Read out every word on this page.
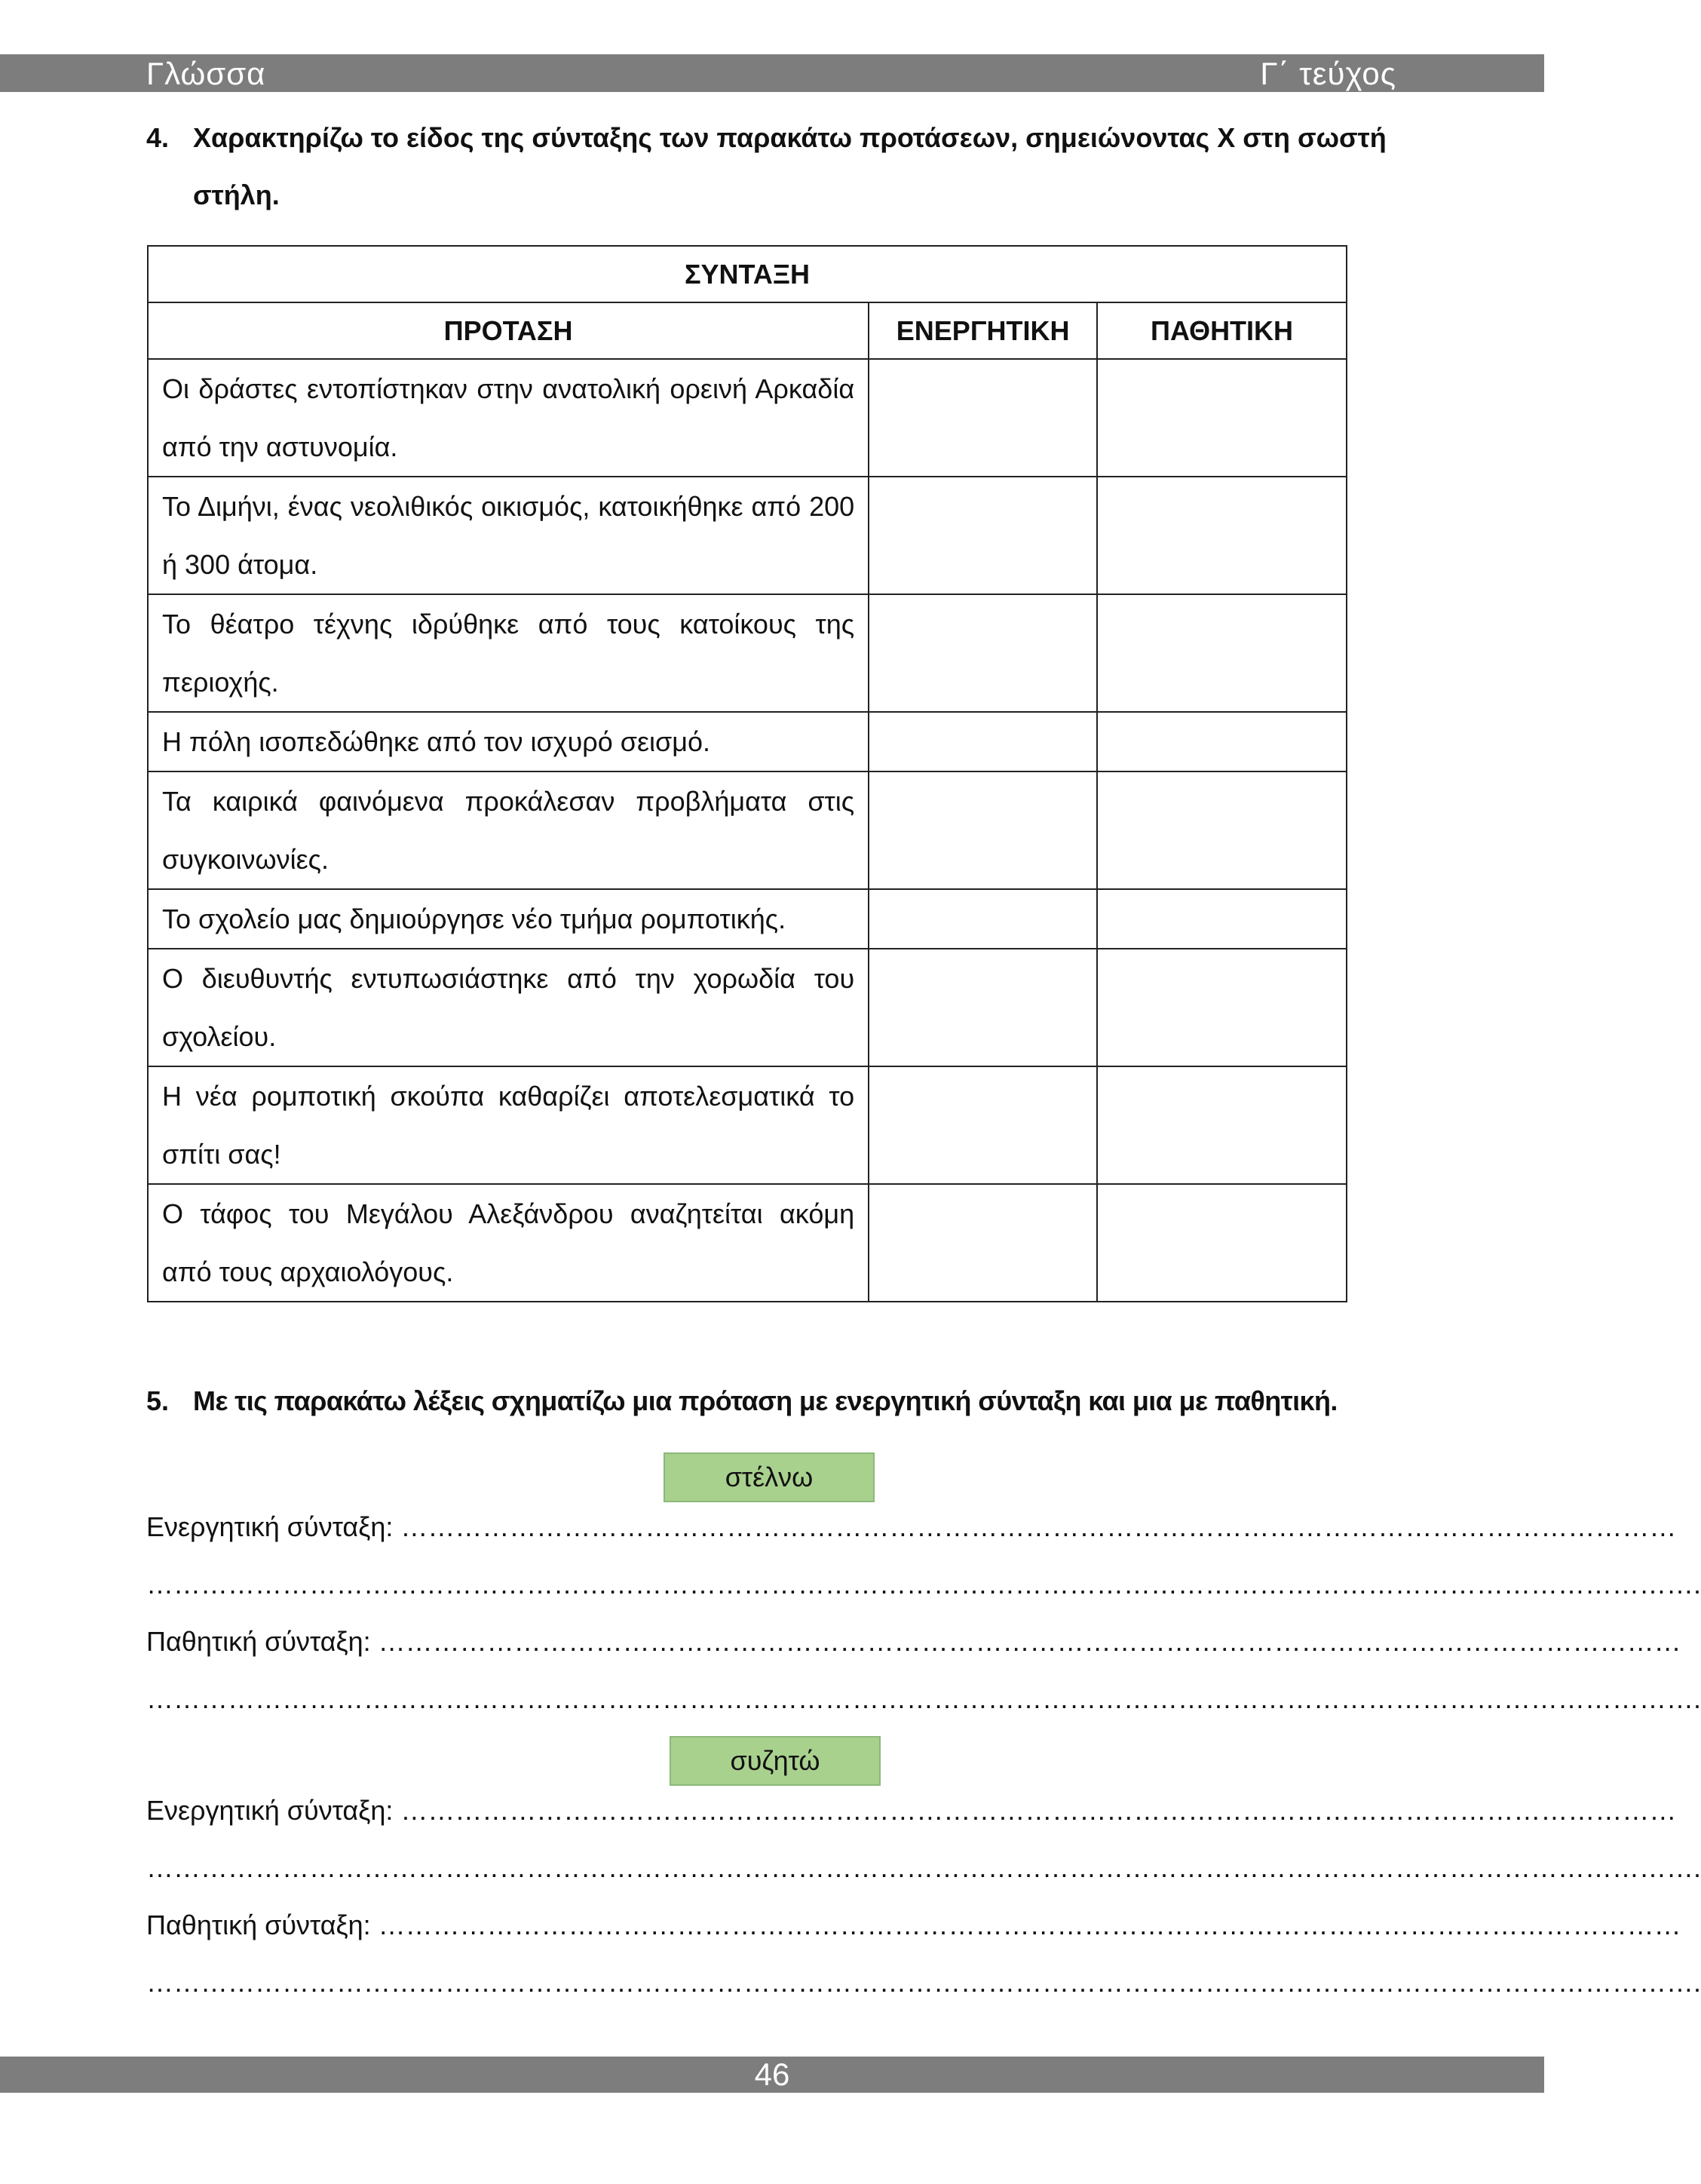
Γλώσσα	Γ΄ τεύχος
4. Χαρακτηρίζω το είδος της σύνταξης των παρακάτω προτάσεων, σημειώνοντας Χ στη σωστή στήλη.
ΣΥΝΤΑΞΗ		
ΠΡΟΤΑΣΗ	ΕΝΕΡΓΗΤΙΚΗ	ΠΑΘΗΤΙΚΗ
Οι δράστες εντοπίστηκαν στην ανατολική ορεινή Αρκαδία από την αστυνομία.		
Το Διμήνι, ένας νεολιθικός οικισμός, κατοικήθηκε από 200 ή 300 άτομα.		
Το θέατρο τέχνης ιδρύθηκε από τους κατοίκους της περιοχής.		
Η πόλη ισοπεδώθηκε από τον ισχυρό σεισμό.		
Τα καιρικά φαινόμενα προκάλεσαν προβλήματα στις συγκοινωνίες.		
Το σχολείο μας δημιούργησε νέο τμήμα ρομποτικής.		
Ο διευθυντής εντυπωσιάστηκε από την χορωδία του σχολείου.		
Η νέα ρομποτική σκούπα καθαρίζει αποτελεσματικά το σπίτι σας!		
Ο τάφος του Μεγάλου Αλεξάνδρου αναζητείται ακόμη από τους αρχαιολόγους.		
5. Με τις παρακάτω λέξεις σχηματίζω μια πρόταση με ενεργητική σύνταξη και μια με παθητική.
στέλνω
Ενεργητική σύνταξη: ……………………………………………………………………………………………………………………………
……………………………………………………………………………………………………………………………………………………….
Παθητική σύνταξη: ………………………………………………………………………………………………………………………………
……………………………………………………………………………………………………………………………………………………….
συζητώ
Ενεργητική σύνταξη: ……………………………………………………………………………………………………………………………
……………………………………………………………………………………………………………………………………………………….
Παθητική σύνταξη: ………………………………………………………………………………………………………………………………
……………………………………………………………………………………………………………………………………………………….
46
